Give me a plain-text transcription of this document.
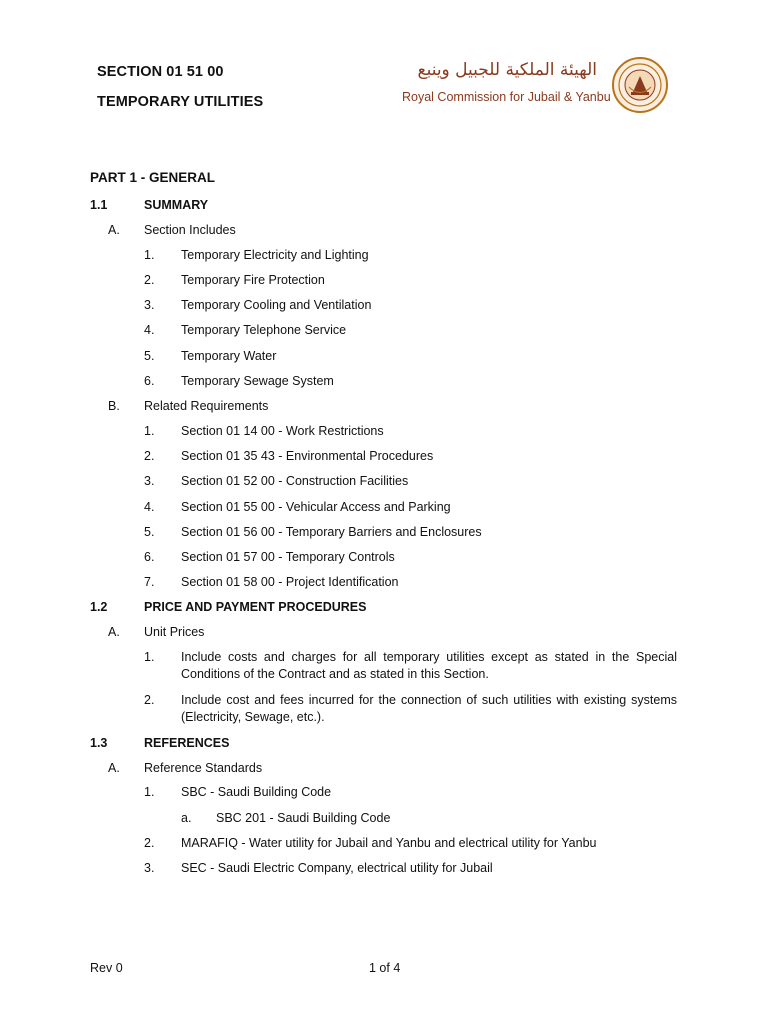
SECTION 01 51 00
TEMPORARY UTILITIES
الهيئة الملكية للجبيل وينبع
Royal Commission for Jubail & Yanbu
PART 1 - GENERAL
1.1	SUMMARY
A. Section Includes
1. Temporary Electricity and Lighting
2. Temporary Fire Protection
3. Temporary Cooling and Ventilation
4. Temporary Telephone Service
5. Temporary Water
6. Temporary Sewage System
B. Related Requirements
1. Section 01 14 00 - Work Restrictions
2. Section 01 35 43 - Environmental Procedures
3. Section 01 52 00 - Construction Facilities
4. Section 01 55 00 - Vehicular Access and Parking
5. Section 01 56 00 - Temporary Barriers and Enclosures
6. Section 01 57 00 - Temporary Controls
7. Section 01 58 00 - Project Identification
1.2	PRICE AND PAYMENT PROCEDURES
A. Unit Prices
1. Include costs and charges for all temporary utilities except as stated in the Special Conditions of the Contract and as stated in this Section.
2. Include cost and fees incurred for the connection of such utilities with existing systems (Electricity, Sewage, etc.).
1.3	REFERENCES
A. Reference Standards
1. SBC - Saudi Building Code
a. SBC 201 - Saudi Building Code
2. MARAFIQ - Water utility for Jubail and Yanbu and electrical utility for Yanbu
3. SEC - Saudi Electric Company, electrical utility for Jubail
Rev 0	1 of 4
